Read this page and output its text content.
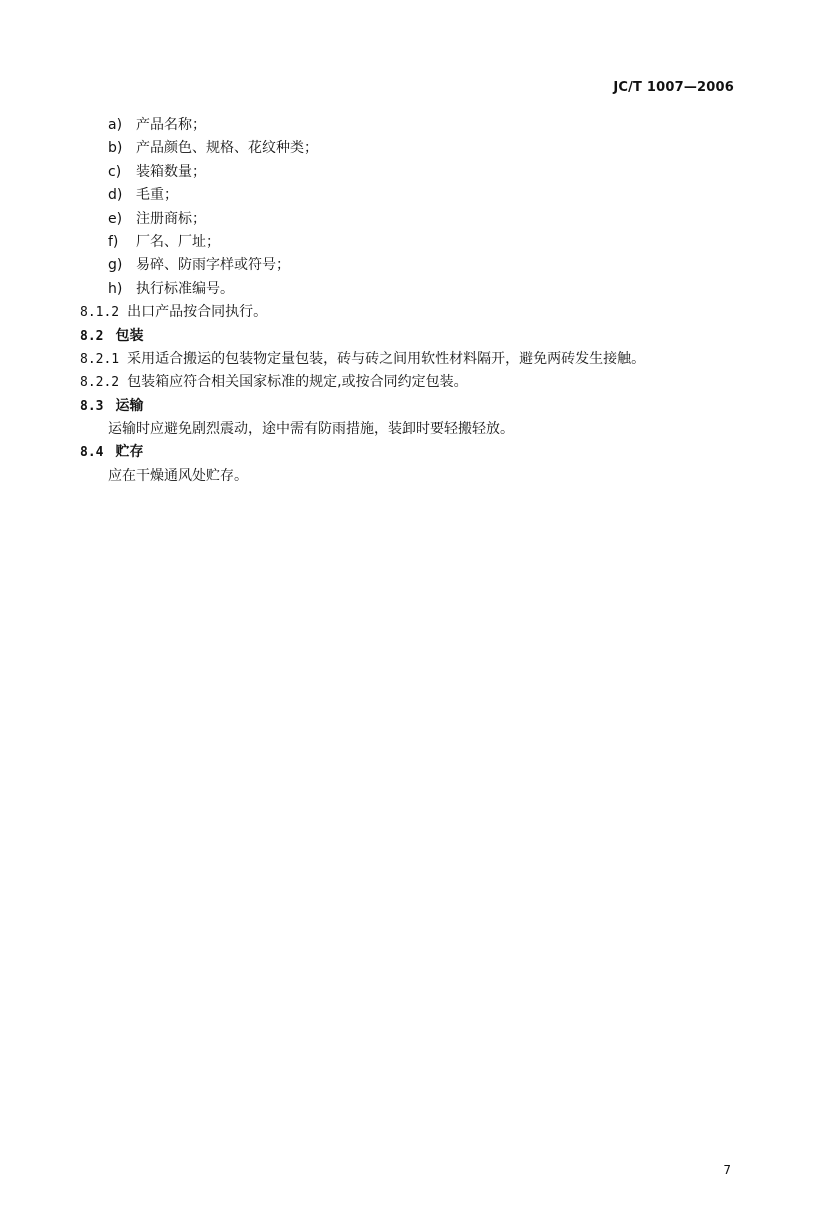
JC/T 1007—2006
a) 产品名称；
b) 产品颜色、规格、花纹种类；
c) 装箱数量；
d) 毛重；
e) 注册商标；
f) 厂名、厂址；
g) 易碎、防雨字样或符号；
h) 执行标准编号。
8.1.2 出口产品按合同执行。
8.2 包装
8.2.1 采用适合搬运的包装物定量包装，砖与砖之间用软性材料隔开，避免两砖发生接触。
8.2.2 包装箱应符合相关国家标准的规定,或按合同约定包装。
8.3 运输
运输时应避免剧烈震动，途中需有防雨措施，装卸时要轻搬轻放。
8.4 贮存
应在干燥通风处贮存。
7
